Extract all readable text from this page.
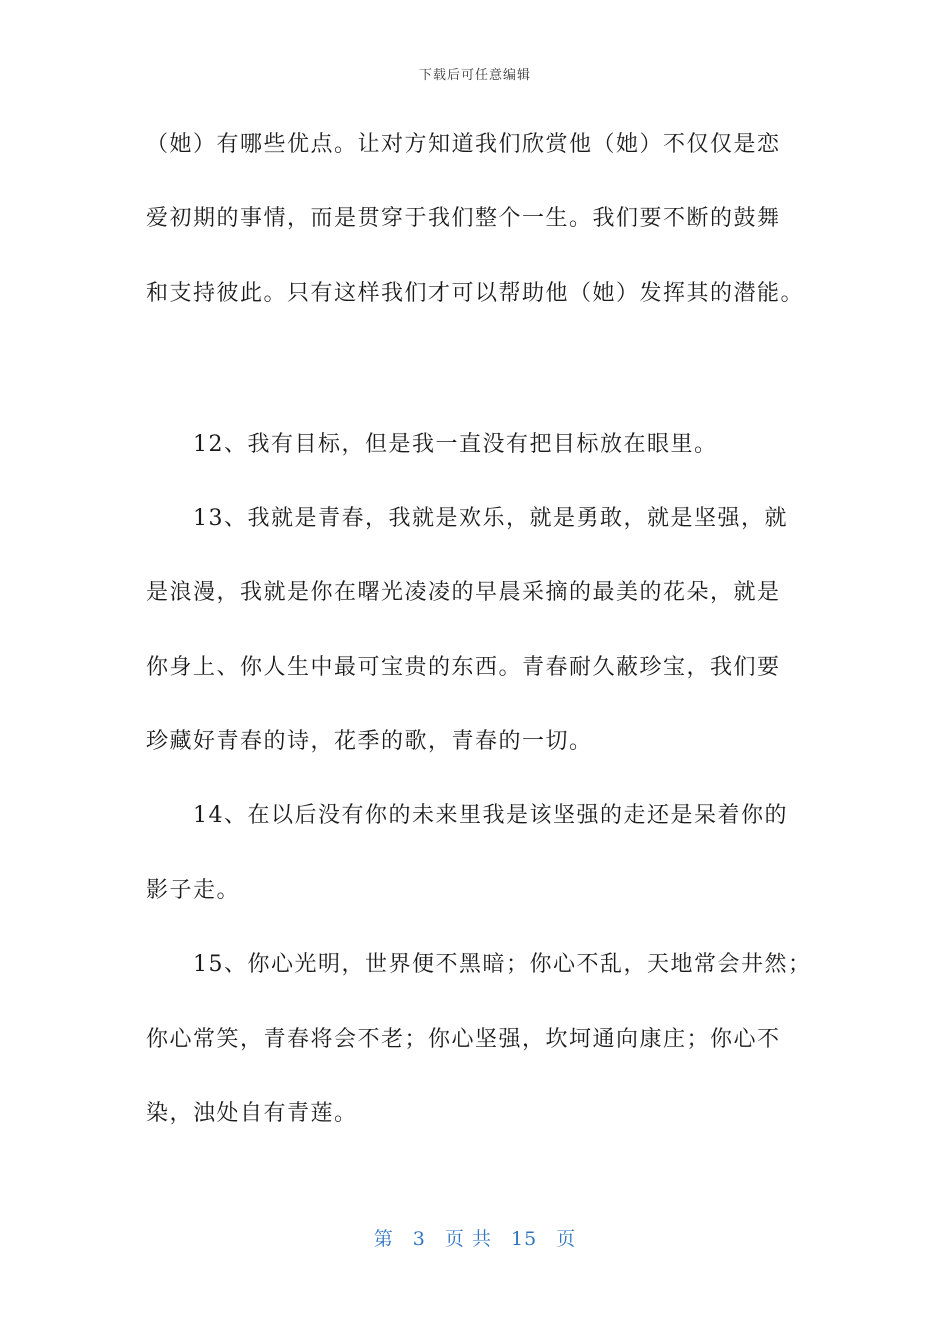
下载后可任意编辑
（她）有哪些优点。让对方知道我们欣赏他（她）不仅仅是恋
爱初期的事情，而是贯穿于我们整个一生。我们要不断的鼓舞
和支持彼此。只有这样我们才可以帮助他（她）发挥其的潜能。
12、我有目标，但是我一直没有把目标放在眼里。
13、我就是青春，我就是欢乐，就是勇敢，就是坚强，就
是浪漫，我就是你在曙光凌凌的早晨采摘的最美的花朵，就是
你身上、你人生中最可宝贵的东西。青春耐久蔽珍宝，我们要
珍藏好青春的诗，花季的歌，青春的一切。
14、在以后没有你的未来里我是该坚强的走还是呆着你的
影子走。
15、你心光明，世界便不黑暗；你心不乱，天地常会井然；
你心常笑，青春将会不老；你心坚强，坎坷通向康庄；你心不
染，浊处自有青莲。
第 3 页 共 15 页
